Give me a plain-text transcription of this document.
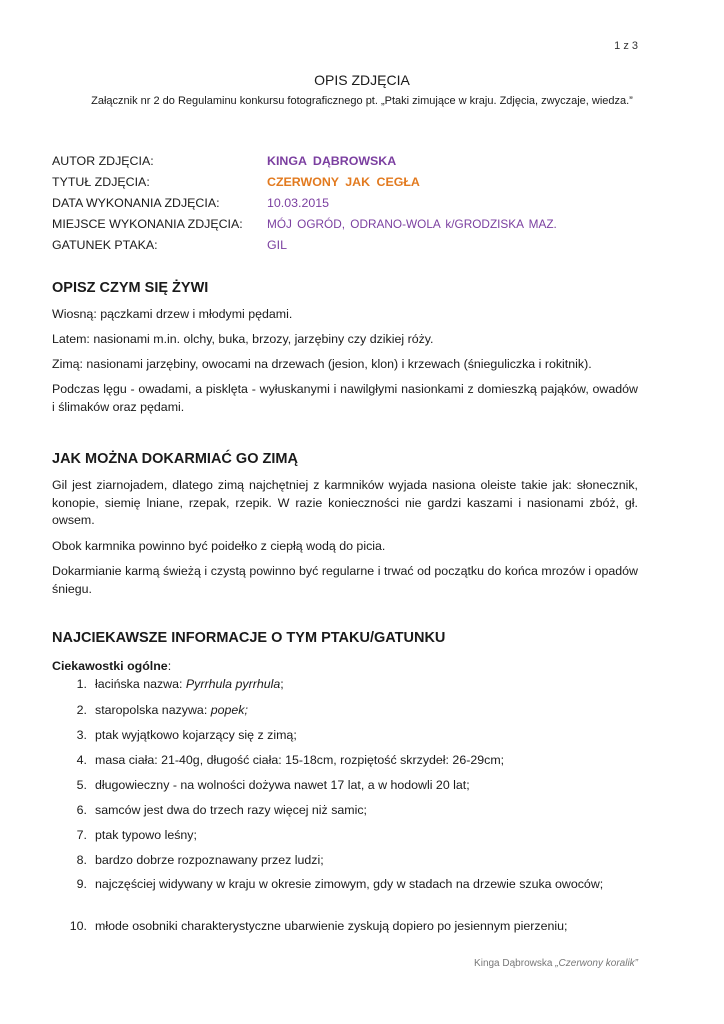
1 z 3
OPIS ZDJĘCIA
Załącznik nr 2 do Regulaminu konkursu fotograficznego pt. „Ptaki zimujące w kraju. Zdjęcia, zwyczaje, wiedza.”
AUTOR ZDJĘCIA:	KINGA DĄBROWSKA
TYTUŁ ZDJĘCIA:	CZERWONY JAK CEGŁA
DATA WYKONANIA ZDJĘCIA:	10.03.2015
MIEJSCE WYKONANIA ZDJĘCIA:	MÓJ OGRÓD, ODRANO-WOLA k/GRODZISKA MAZ.
GATUNEK PTAKA:	GIL
OPISZ CZYM SIĘ ŻYWI

Wiosną: pączkami drzew i młodymi pędami.

Latem: nasionami m.in. olchy, buka, brzozy, jarzębiny czy dzikiej róży.

Zimą: nasionami jarzębiny, owocami na drzewach (jesion, klon) i krzewach (śnieguliczka i rokitnik).

Podczas lęgu - owadami, a pisklęta - wyłuskanymi i nawilgłymi nasionkami z domieszką pająków, owadów i ślimaków oraz pędami.

JAK MOŻNA DOKARMIAĆ GO ZIMĄ

Gil jest ziarnojadem, dlatego zimą najchętniej z karmników wyjada nasiona oleiste takie jak: słonecznik, konopie, siemię lniane, rzepak, rzepik. W razie konieczności nie gardzi kaszami i nasionami zbóż, gł. owsem.

Obok karmnika powinno być poidełko z ciepłą wodą do picia.

Dokarmianie karmą świeżą i czystą powinno być regularne i trwać od początku do końca mrozów i opadów śniegu.

NAJCIEKAWSZE INFORMACJE O TYM PTAKU/GATUNKU

Ciekawostki ogólne:

1. łacińska nazwa: Pyrrhula pyrrhula;
2. staropolska nazywa: popek;
3. ptak wyjątkowo kojarzący się z zimą;
4. masa ciała: 21-40g, długość ciała: 15-18cm, rozpiętość skrzydeł: 26-29cm;
5. długowieczny - na wolności dożywa nawet 17 lat, a w hodowli 20 lat;
6. samców jest dwa do trzech razy więcej niż samic;
7. ptak typowo leśny;
8. bardzo dobrze rozpoznawany przez ludzi;
9. najczęściej widywany w kraju w okresie zimowym, gdy w stadach na drzewie szuka owoców;
10. młode osobniki charakterystyczne ubarwienie zyskują dopiero po jesiennym pierzeniu;
Kinga Dąbrowska „Czerwony koralik”
